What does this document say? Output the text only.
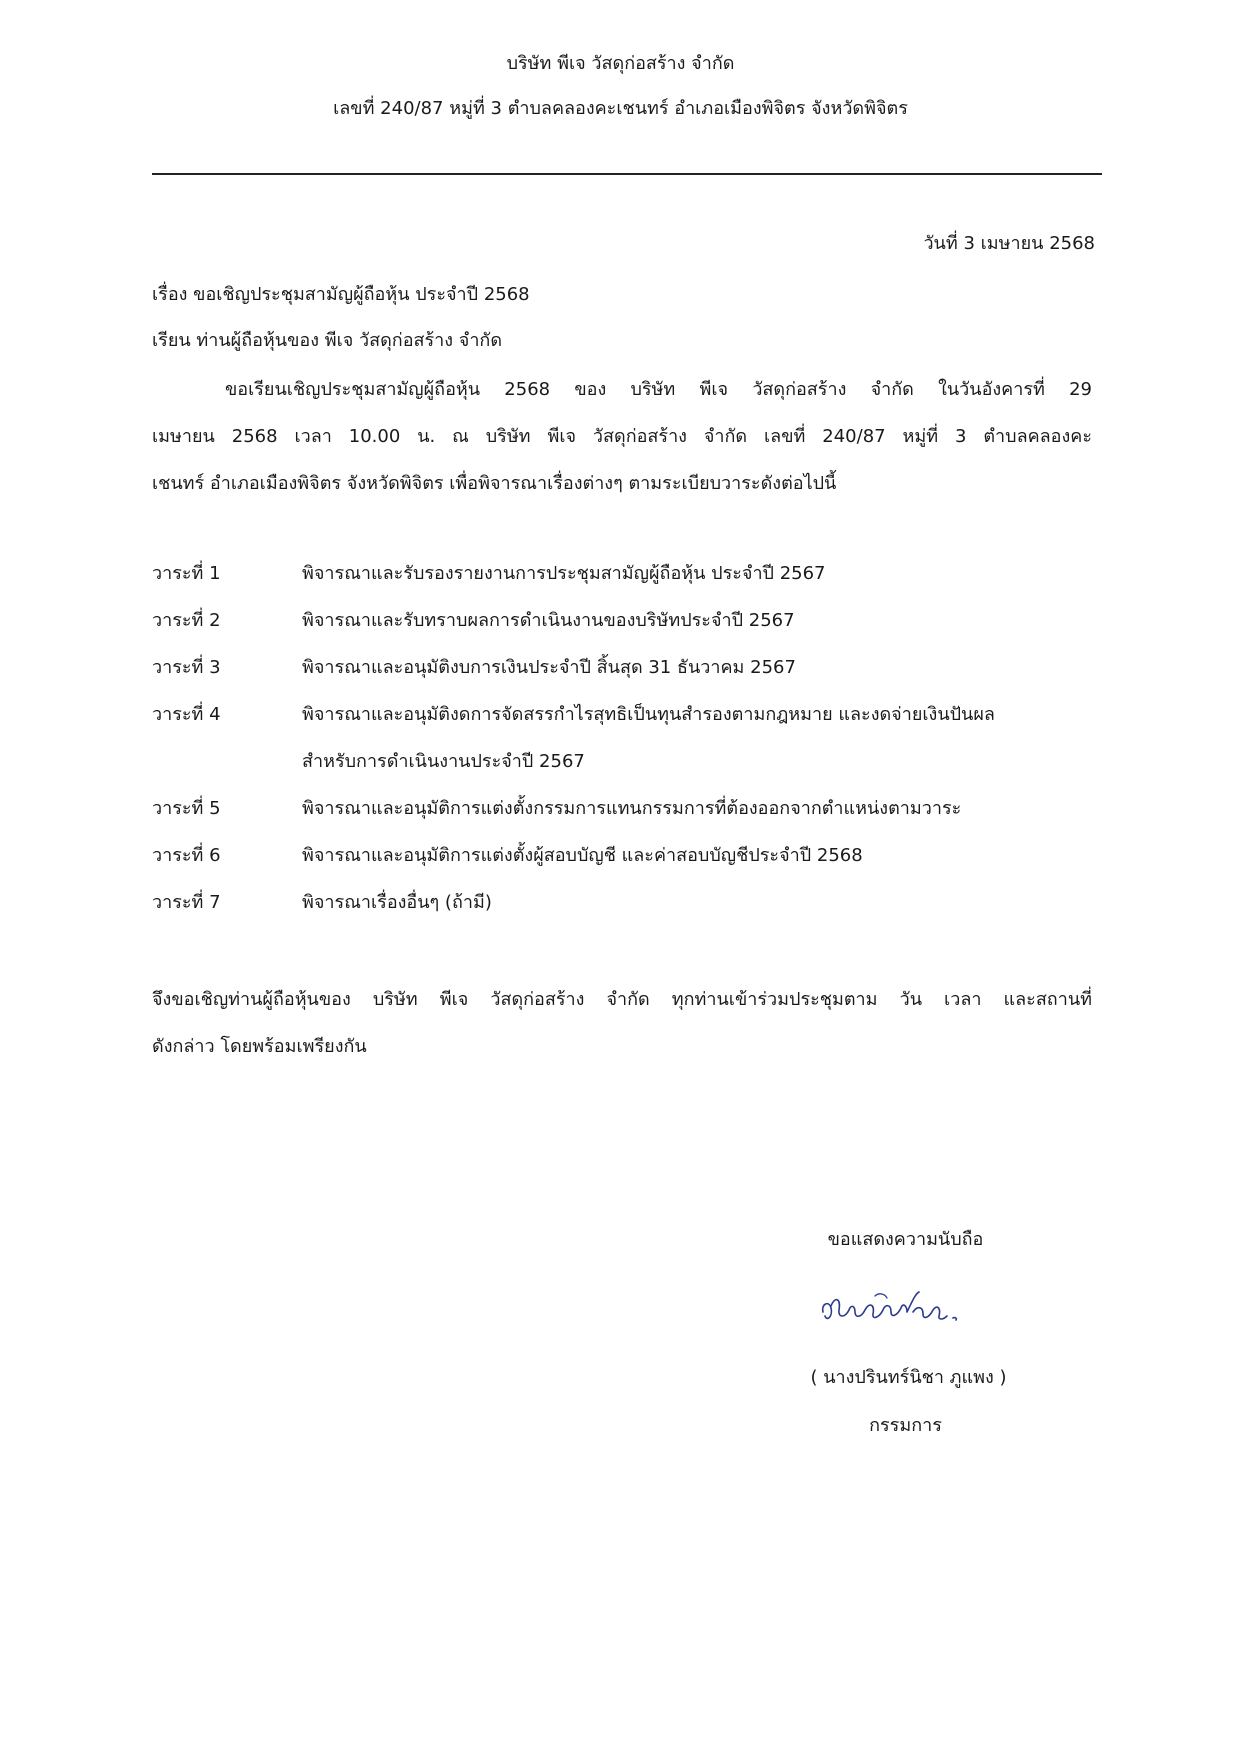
บริษัท พีเจ วัสดุก่อสร้าง จำกัด
เลขที่ 240/87 หมู่ที่ 3 ตำบลคลองคะเชนทร์ อำเภอเมืองพิจิตร จังหวัดพิจิตร
วันที่ 3 เมษายน 2568
เรื่อง ขอเชิญประชุมสามัญผู้ถือหุ้น ประจำปี 2568
เรียน ท่านผู้ถือหุ้นของ พีเจ วัสดุก่อสร้าง จำกัด
ขอเรียนเชิญประชุมสามัญผู้ถือหุ้น 2568 ของ บริษัท พีเจ วัสดุก่อสร้าง จำกัด ในวันอังคารที่ 29
เมษายน 2568 เวลา 10.00 น. ณ บริษัท พีเจ วัสดุก่อสร้าง จำกัด เลขที่ 240/87 หมู่ที่ 3 ตำบลคลองคะ
เชนทร์ อำเภอเมืองพิจิตร จังหวัดพิจิตร เพื่อพิจารณาเรื่องต่างๆ ตามระเบียบวาระดังต่อไปนี้
วาระที่ 1	พิจารณาและรับรองรายงานการประชุมสามัญผู้ถือหุ้น ประจำปี 2567
วาระที่ 2	พิจารณาและรับทราบผลการดำเนินงานของบริษัทประจำปี 2567
วาระที่ 3	พิจารณาและอนุมัติงบการเงินประจำปี สิ้นสุด 31 ธันวาคม 2567
วาระที่ 4	พิจารณาและอนุมัติงดการจัดสรรกำไรสุทธิเป็นทุนสำรองตามกฎหมาย และงดจ่ายเงินปันผล
สำหรับการดำเนินงานประจำปี 2567
วาระที่ 5	พิจารณาและอนุมัติการแต่งตั้งกรรมการแทนกรรมการที่ต้องออกจากตำแหน่งตามวาระ
วาระที่ 6	พิจารณาและอนุมัติการแต่งตั้งผู้สอบบัญชี และค่าสอบบัญชีประจำปี 2568
วาระที่ 7	พิจารณาเรื่องอื่นๆ (ถ้ามี)
จึงขอเชิญท่านผู้ถือหุ้นของ บริษัท พีเจ วัสดุก่อสร้าง จำกัด ทุกท่านเข้าร่วมประชุมตาม วัน เวลา และสถานที่
ดังกล่าว โดยพร้อมเพรียงกัน
ขอแสดงความนับถือ
( นางปรินทร์นิชา ภูแพง )
กรรมการ
